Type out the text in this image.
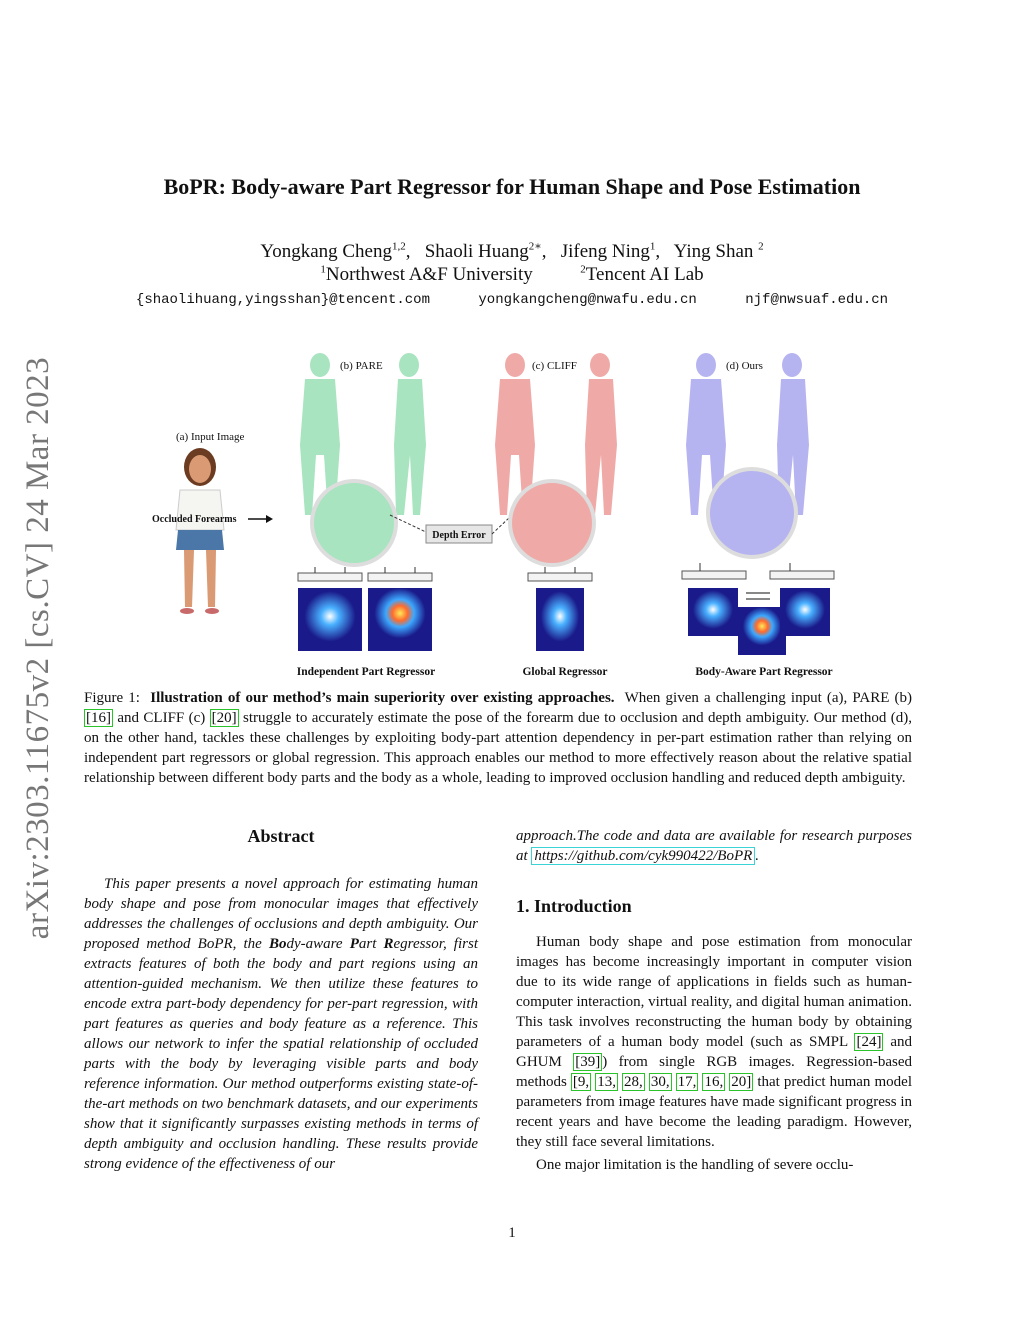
BoPR: Body-aware Part Regressor for Human Shape and Pose Estimation
Yongkang Cheng$^{1,2}$, Shaoli Huang$^{2∗}$, Jifeng Ning$^1$, Ying Shan $^2$
$^1$Northwest A&F University	$^2$Tencent AI Lab
{shaolihuang,yingsshan}@tencent.com	yongkangcheng@nwafu.edu.cn	njf@nwsuaf.edu.cn
arXiv:2303.11675v2 [cs.CV] 24 Mar 2023	Depth Error
(a) Input Image
(b) PARE	(c) CLIFF	(d) Ours
Occluded Forearms
Independent Part Regressor	Global Regressor	Body-Aware Part Regressor
Figure 1: Illustration of our method’s main superiority over existing approaches. When given a challenging input (a), PARE (b) [16] and CLIFF (c) [20] struggle to accurately estimate the pose of the forearm due to occlusion and depth ambiguity. Our method (d), on the other hand, tackles these challenges by exploiting body-part attention dependency in per-part estimation rather than relying on independent part regressors or global regression. This approach enables our method to more effectively reason about the relative spatial relationship between different body parts and the body as a whole, leading to improved occlusion handling and reduced depth ambiguity.
Abstract

This paper presents a novel approach for estimating human body shape and pose from monocular images that effectively addresses the challenges of occlusions and depth ambiguity. Our proposed method BoPR, the Body-aware Part Regressor, first extracts features of both the body and part regions using an attention-guided mechanism. We then utilize these features to encode extra part-body dependency for per-part regression, with part features as queries and body feature as a reference. This allows our network to infer the spatial relationship of occluded parts with the body by leveraging visible parts and body reference information. Our method outperforms existing state-of-the-art methods on two benchmark datasets, and our experiments show that it significantly surpasses existing methods in terms of depth ambiguity and occlusion handling. These results provide strong evidence of the effectiveness of our

approach.The code and data are available for research purposes at https://github.com/cyk990422/BoPR .
1. Introduction

Human body shape and pose estimation from monocular images has become increasingly important in computer vision due to its wide range of applications in fields such as human-computer interaction, virtual reality, and digital human animation. This task involves reconstructing the human body by obtaining parameters of a human body model (such as SMPL [24] and GHUM [39] ) from single RGB images. Regression-based methods [9, 13, 28, 30, 17, 16, 20] that predict human model parameters from image features have made significant progress in recent years and have become the leading paradigm. However, they still face several limitations.

One major limitation is the handling of severe occlu-

1
